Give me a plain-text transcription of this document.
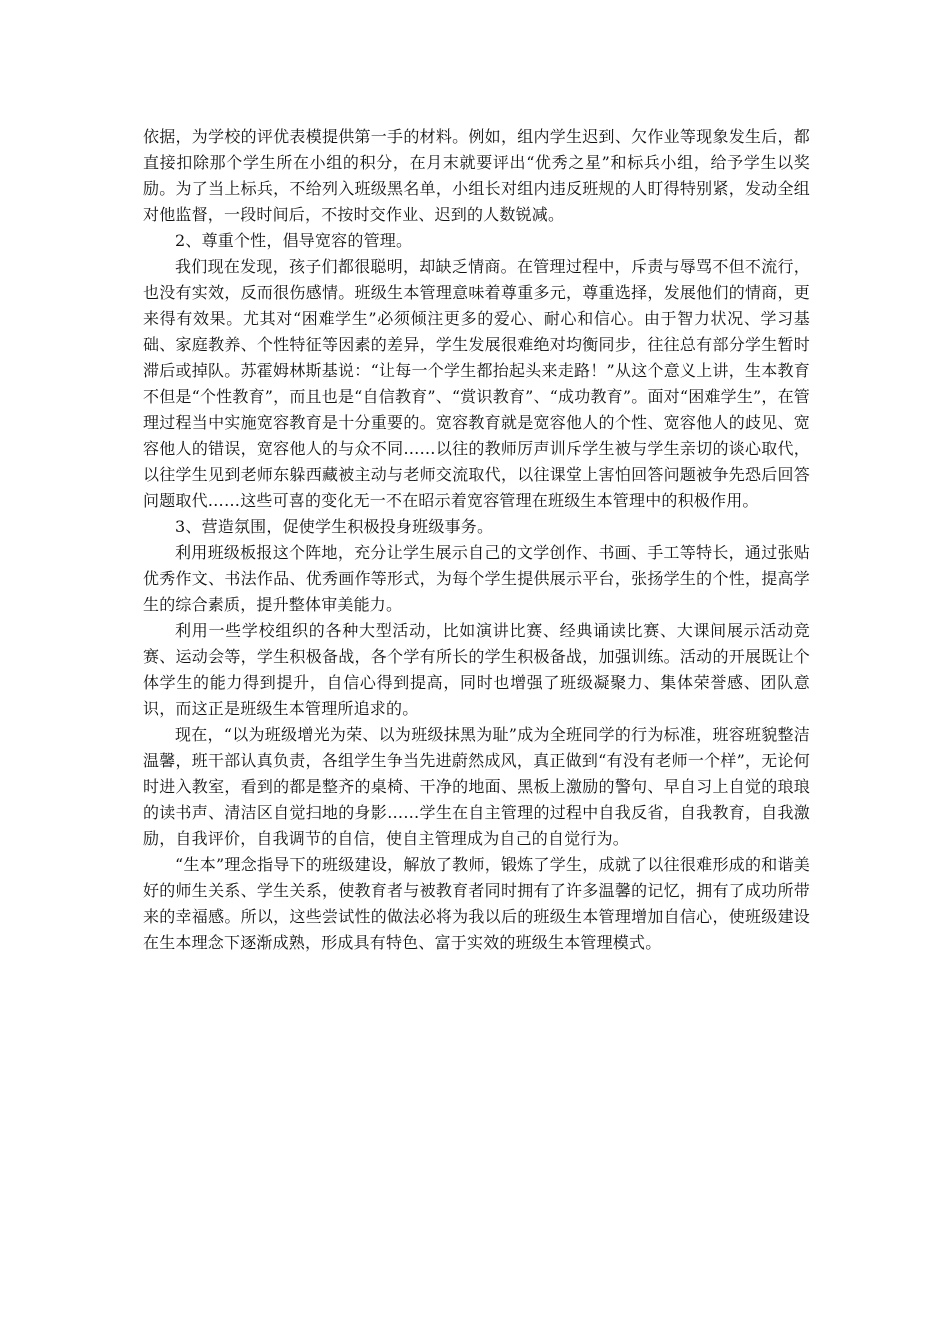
依据，为学校的评优表模提供第一手的材料。例如，组内学生迟到、欠作业等现象发生后，都直接扣除那个学生所在小组的积分，在月末就要评出“优秀之星”和标兵小组，给予学生以奖励。为了当上标兵，不给列入班级黑名单，小组长对组内违反班规的人盯得特别紧，发动全组对他监督，一段时间后，不按时交作业、迟到的人数锐减。

2、尊重个性，倡导宽容的管理。

我们现在发现，孩子们都很聪明，却缺乏情商。在管理过程中，斥责与辱骂不但不流行，也没有实效，反而很伤感情。班级生本管理意味着尊重多元，尊重选择，发展他们的情商，更来得有效果。尤其对“困难学生”必须倾注更多的爱心、耐心和信心。由于智力状况、学习基础、家庭教养、个性特征等因素的差异，学生发展很难绝对均衡同步，往往总有部分学生暂时滞后或掉队。苏霍姆林斯基说：“让每一个学生都抬起头来走路！”从这个意义上讲，生本教育不但是“个性教育”，而且也是“自信教育”、“赏识教育”、“成功教育”。面对“困难学生”，在管理过程当中实施宽容教育是十分重要的。宽容教育就是宽容他人的个性、宽容他人的歧见、宽容他人的错误，宽容他人的与众不同……以往的教师厉声训斥学生被与学生亲切的谈心取代，以往学生见到老师东躲西藏被主动与老师交流取代，以往课堂上害怕回答问题被争先恐后回答问题取代……这些可喜的变化无一不在昭示着宽容管理在班级生本管理中的积极作用。

3、营造氛围，促使学生积极投身班级事务。

利用班级板报这个阵地，充分让学生展示自己的文学创作、书画、手工等特长，通过张贴优秀作文、书法作品、优秀画作等形式，为每个学生提供展示平台，张扬学生的个性，提高学生的综合素质，提升整体审美能力。

利用一些学校组织的各种大型活动，比如演讲比赛、经典诵读比赛、大课间展示活动竞赛、运动会等，学生积极备战，各个学有所长的学生积极备战，加强训练。活动的开展既让个体学生的能力得到提升，自信心得到提高，同时也增强了班级凝聚力、集体荣誉感、团队意识，而这正是班级生本管理所追求的。

现在，“以为班级增光为荣、以为班级抹黑为耻”成为全班同学的行为标准，班容班貌整洁温馨，班干部认真负责，各组学生争当先进蔚然成风，真正做到“有没有老师一个样”，无论何时进入教室，看到的都是整齐的桌椅、干净的地面、黑板上激励的警句、早自习上自觉的琅琅的读书声、清洁区自觉扫地的身影……学生在自主管理的过程中自我反省，自我教育，自我激励，自我评价，自我调节的自信，使自主管理成为自己的自觉行为。

“生本”理念指导下的班级建设，解放了教师，锻炼了学生，成就了以往很难形成的和谐美好的师生关系、学生关系，使教育者与被教育者同时拥有了许多温馨的记忆，拥有了成功所带来的幸福感。所以，这些尝试性的做法必将为我以后的班级生本管理增加自信心，使班级建设在生本理念下逐渐成熟，形成具有特色、富于实效的班级生本管理模式。
